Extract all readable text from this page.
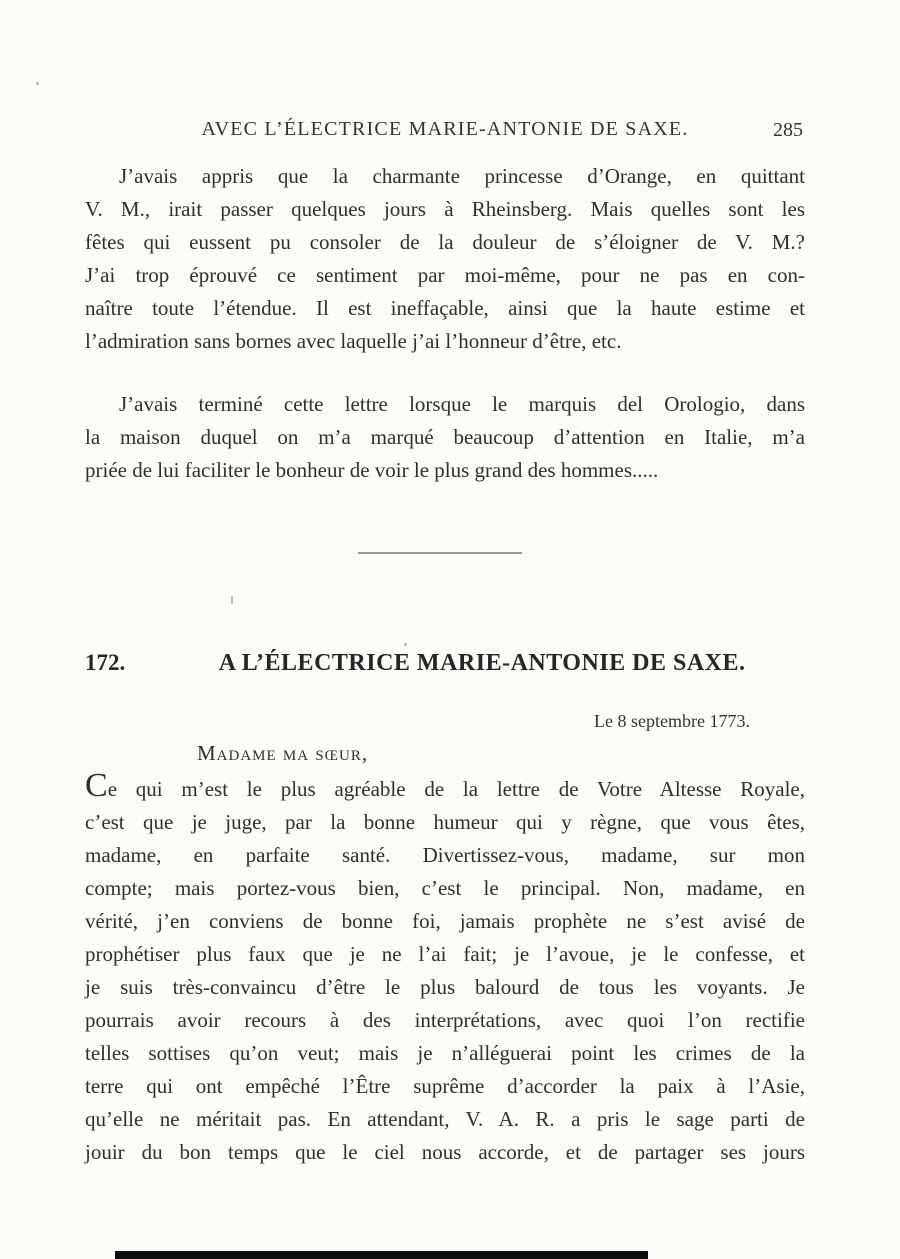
AVEC L’ÉLECTRICE MARIE-ANTONIE DE SAXE.	285
J’avais appris que la charmante princesse d’Orange, en quittant
V. M., irait passer quelques jours à Rheinsberg. Mais quelles sont les
fêtes qui eussent pu consoler de la douleur de s’éloigner de V. M.?
J’ai trop éprouvé ce sentiment par moi-même, pour ne pas en con-
naître toute l’étendue. Il est ineffaçable, ainsi que la haute estime et
l’admiration sans bornes avec laquelle j’ai l’honneur d’être, etc.
J’avais terminé cette lettre lorsque le marquis del Orologio, dans
la maison duquel on m’a marqué beaucoup d’attention en Italie, m’a
priée de lui faciliter le bonheur de voir le plus grand des hommes.....
172.	A L’ÉLECTRICE MARIE-ANTONIE DE SAXE.
Le 8 septembre 1773.
Madame ma sœur,
Ce qui m’est le plus agréable de la lettre de Votre Altesse Royale,
c’est que je juge, par la bonne humeur qui y règne, que vous êtes,
madame, en parfaite santé. Divertissez-vous, madame, sur mon
compte; mais portez-vous bien, c’est le principal. Non, madame, en
vérité, j’en conviens de bonne foi, jamais prophète ne s’est avisé de
prophétiser plus faux que je ne l’ai fait; je l’avoue, je le confesse, et
je suis très-convaincu d’être le plus balourd de tous les voyants. Je
pourrais avoir recours à des interprétations, avec quoi l’on rectifie
telles sottises qu’on veut; mais je n’alléguerai point les crimes de la
terre qui ont empêché l’Être suprême d’accorder la paix à l’Asie,
qu’elle ne méritait pas. En attendant, V. A. R. a pris le sage parti de
jouir du bon temps que le ciel nous accorde, et de partager ses jours
